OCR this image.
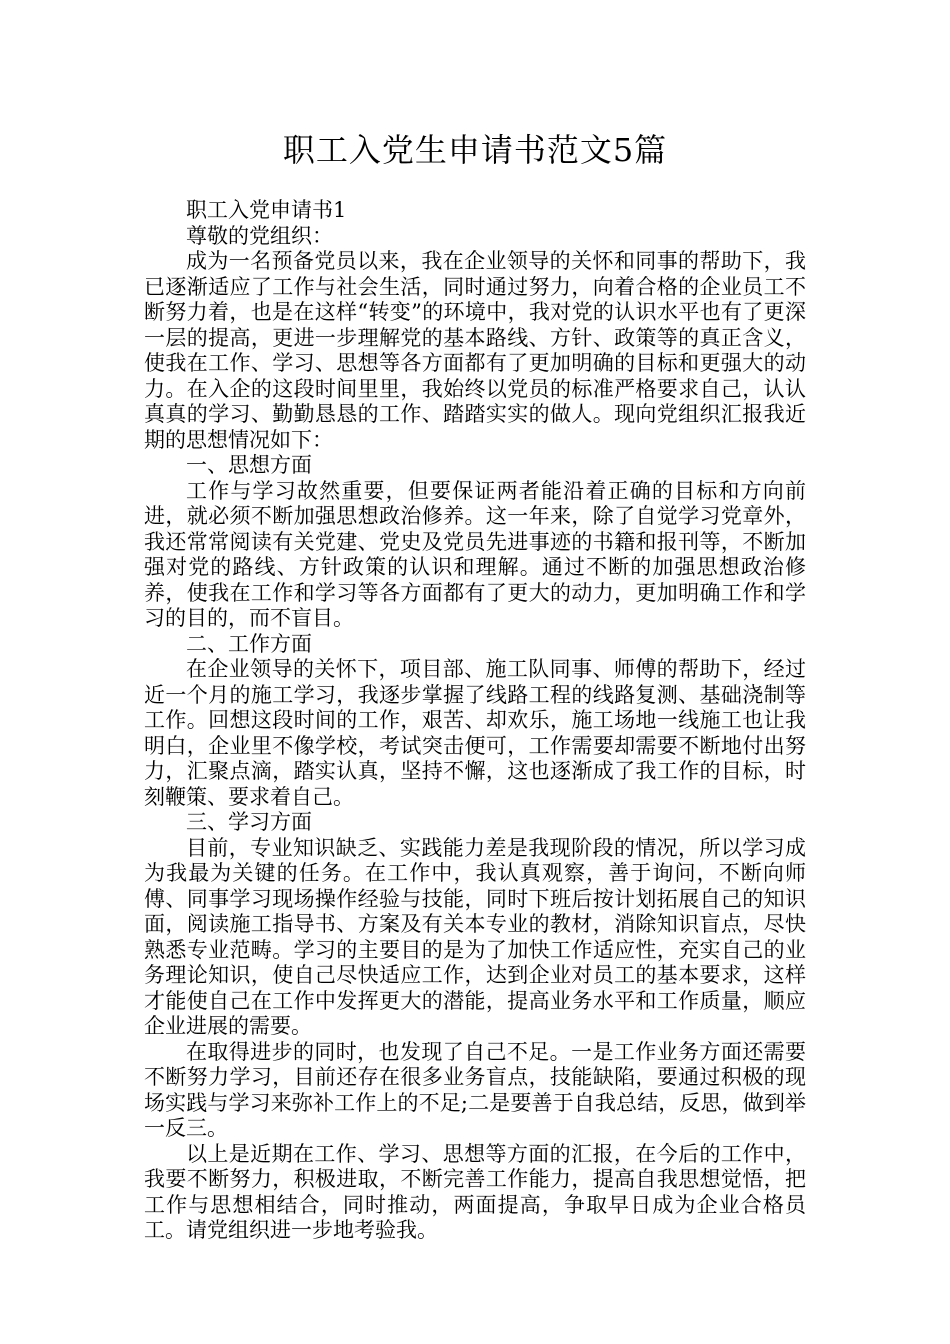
职工入党生申请书范文5篇

职工入党申请书1

尊敬的党组织：

成为一名预备党员以来，我在企业领导的关怀和同事的帮助下，我已逐渐适应了工作与社会生活，同时通过努力，向着合格的企业员工不断努力着，也是在这样“转变”的环境中，我对党的认识水平也有了更深一层的提高，更进一步理解党的基本路线、方针、政策等的真正含义，使我在工作、学习、思想等各方面都有了更加明确的目标和更强大的动力。在入企的这段时间里里，我始终以党员的标准严格要求自己，认认真真的学习、勤勤恳恳的工作、踏踏实实的做人。现向党组织汇报我近期的思想情况如下：

一、思想方面

工作与学习故然重要，但要保证两者能沿着正确的目标和方向前进，就必须不断加强思想政治修养。这一年来，除了自觉学习党章外，我还常常阅读有关党建、党史及党员先进事迹的书籍和报刊等，不断加强对党的路线、方针政策的认识和理解。通过不断的加强思想政治修养，使我在工作和学习等各方面都有了更大的动力，更加明确工作和学习的目的，而不盲目。

二、工作方面

在企业领导的关怀下，项目部、施工队同事、师傅的帮助下，经过近一个月的施工学习，我逐步掌握了线路工程的线路复测、基础浇制等工作。回想这段时间的工作，艰苦、却欢乐，施工场地一线施工也让我明白，企业里不像学校，考试突击便可，工作需要却需要不断地付出努力，汇聚点滴，踏实认真，坚持不懈，这也逐渐成了我工作的目标，时刻鞭策、要求着自己。

三、学习方面

目前，专业知识缺乏、实践能力差是我现阶段的情况，所以学习成为我最为关键的任务。在工作中，我认真观察，善于询问，不断向师傅、同事学习现场操作经验与技能，同时下班后按计划拓展自己的知识面，阅读施工指导书、方案及有关本专业的教材，消除知识盲点，尽快熟悉专业范畴。学习的主要目的是为了加快工作适应性，充实自己的业务理论知识，使自己尽快适应工作，达到企业对员工的基本要求，这样才能使自己在工作中发挥更大的潜能，提高业务水平和工作质量，顺应企业进展的需要。

在取得进步的同时，也发现了自己不足。一是工作业务方面还需要不断努力学习，目前还存在很多业务盲点，技能缺陷，要通过积极的现场实践与学习来弥补工作上的不足;二是要善于自我总结，反思，做到举一反三。

以上是近期在工作、学习、思想等方面的汇报，在今后的工作中，我要不断努力，积极进取，不断完善工作能力，提高自我思想觉悟，把工作与思想相结合，同时推动，两面提高，争取早日成为企业合格员工。请党组织进一步地考验我。
